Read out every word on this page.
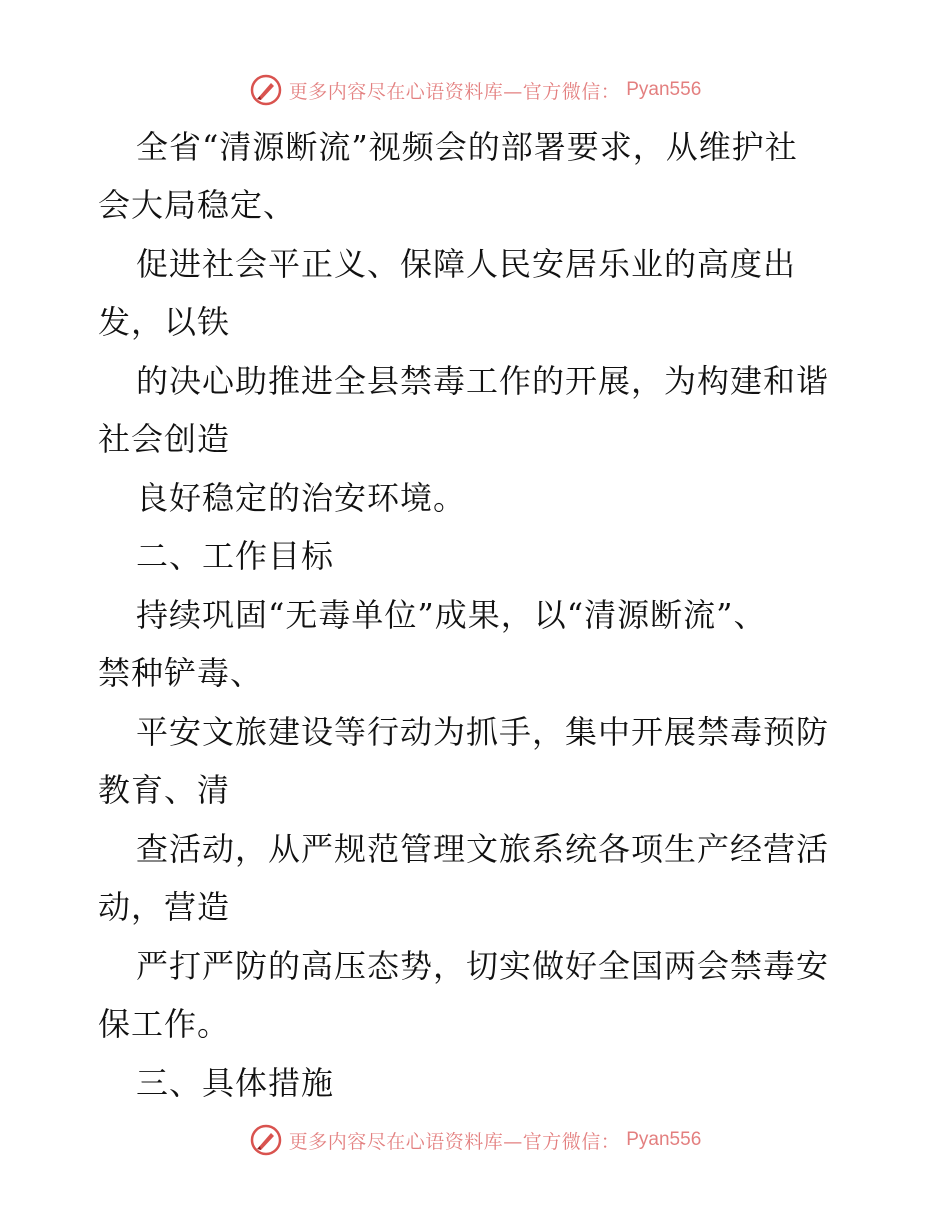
更多内容尽在心语资料库—官方微信： Pyan556
全省“清源断流”视频会的部署要求，从维护社
会大局稳定、
促进社会平正义、保障人民安居乐业的高度出
发，以铁
的决心助推进全县禁毒工作的开展，为构建和谐
社会创造
良好稳定的治安环境。
二、工作目标
持续巩固“无毒单位”成果，以“清源断流”、
禁种铲毒、
平安文旅建设等行动为抓手，集中开展禁毒预防
教育、清
查活动，从严规范管理文旅系统各项生产经营活
动，营造
严打严防的高压态势，切实做好全国两会禁毒安
保工作。
三、具体措施
更多内容尽在心语资料库—官方微信： Pyan556
